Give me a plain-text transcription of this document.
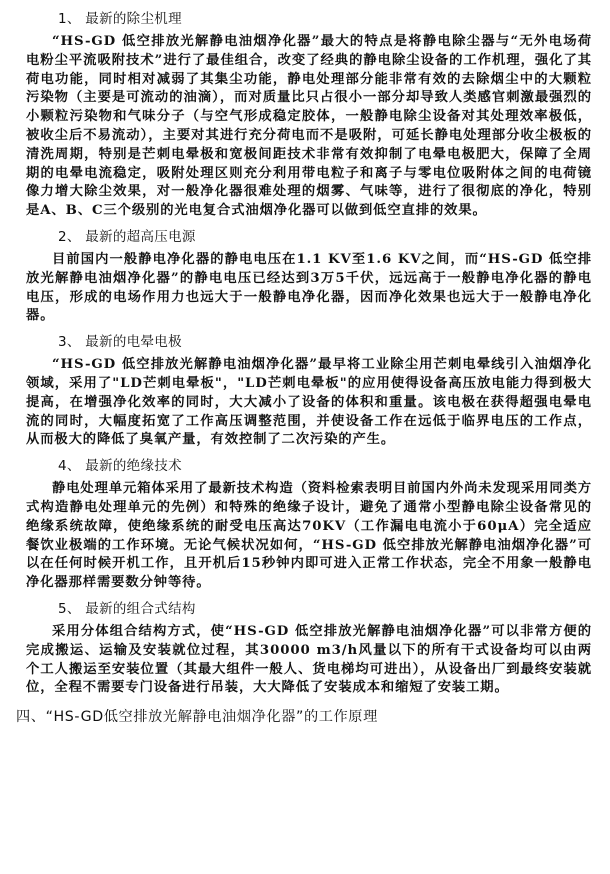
1、 最新的除尘机理
“HS-GD 低空排放光解静电油烟净化器”最大的特点是将静电除尘器与“无外电场荷电粉尘平流吸附技术”进行了最佳组合，改变了经典的静电除尘设备的工作机理，强化了其荷电功能，同时相对减弱了其集尘功能，静电处理部分能非常有效的去除烟尘中的大颗粒污染物（主要是可流动的油滴），而对质量比只占很小一部分却导致人类感官刺激最强烈的小颗粒污染物和气味分子（与空气形成稳定胶体，一般静电除尘设备对其处理效率极低，被收尘后不易流动），主要对其进行充分荷电而不是吸附，可延长静电处理部分收尘极板的清洗周期，特别是芒刺电晕极和宽极间距技术非常有效抑制了电晕电极肥大，保障了全周期的电晕电流稳定，吸附处理区则充分利用带电粒子和离子与零电位吸附体之间的电荷镜像力增大除尘效果，对一般净化器很难处理的烟雾、气味等，进行了很彻底的净化，特别是A、B、C三个级别的光电复合式油烟净化器可以做到低空直排的效果。
2、 最新的超高压电源
目前国内一般静电净化器的静电电压在1.1 KV至1.6 KV之间，而“HS-GD 低空排放光解静电油烟净化器”的静电电压已经达到3万5千伏，远远高于一般静电净化器的静电电压，形成的电场作用力也远大于一般静电净化器，因而净化效果也远大于一般静电净化器。
3、 最新的电晕电极
“HS-GD 低空排放光解静电油烟净化器”最早将工业除尘用芒刺电晕线引入油烟净化领域，采用了"LD芒刺电晕板"，"LD芒刺电晕板"的应用使得设备高压放电能力得到极大提高，在增强净化效率的同时，大大减小了设备的体积和重量。该电极在获得超强电晕电流的同时，大幅度拓宽了工作高压调整范围，并使设备工作在远低于临界电压的工作点，从而极大的降低了臭氧产量，有效控制了二次污染的产生。
4、 最新的绝缘技术
静电处理单元箱体采用了最新技术构造（资料检索表明目前国内外尚未发现采用同类方式构造静电处理单元的先例）和特殊的绝缘子设计，避免了通常小型静电除尘设备常见的绝缘系统故障，使绝缘系统的耐受电压高达70KV（工作漏电电流小于60μA）完全适应餐饮业极端的工作环境。无论气候状况如何，“HS-GD 低空排放光解静电油烟净化器”可以在任何时候开机工作，且开机后15秒钟内即可进入正常工作状态，完全不用象一般静电净化器那样需要数分钟等待。
5、 最新的组合式结构
采用分体组合结构方式，使“HS-GD 低空排放光解静电油烟净化器”可以非常方便的完成搬运、运输及安装就位过程，其30000 m3/h风量以下的所有干式设备均可以由两个工人搬运至安装位置（其最大组件一般人、货电梯均可进出），从设备出厂到最终安装就位，全程不需要专门设备进行吊装，大大降低了安装成本和缩短了安装工期。
四、“HS-GD低空排放光解静电油烟净化器”的工作原理
